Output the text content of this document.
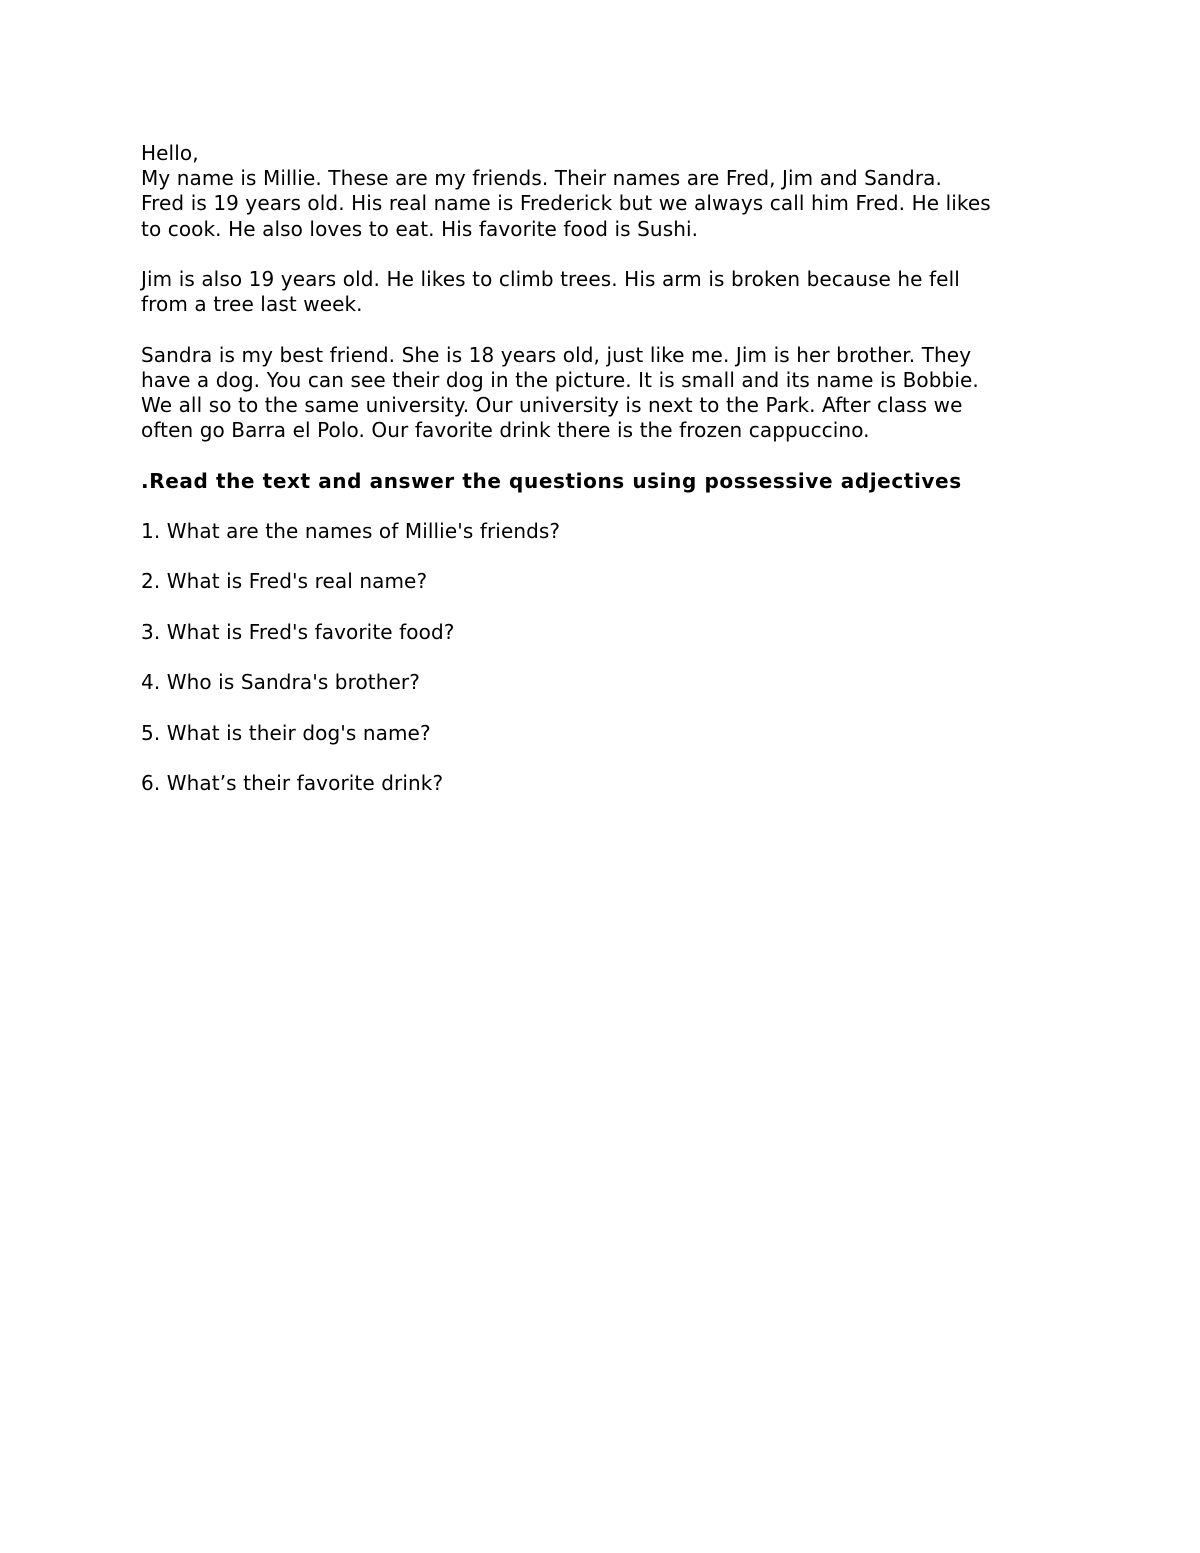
Hello,
My name is Millie. These are my friends. Their names are Fred, Jim and Sandra.
Fred is 19 years old. His real name is Frederick but we always call him Fred. He likes
to cook. He also loves to eat. His favorite food is Sushi.
Jim is also 19 years old. He likes to climb trees. His arm is broken because he fell
from a tree last week.
Sandra is my best friend. She is 18 years old, just like me. Jim is her brother. They
have a dog. You can see their dog in the picture. It is small and its name is Bobbie.
We all so to the same university. Our university is next to the Park. After class we
often go Barra el Polo. Our favorite drink there is the frozen cappuccino.
.Read the text and answer the questions using possessive adjectives
1. What are the names of Millie's friends?
2. What is Fred's real name?
3. What is Fred's favorite food?
4. Who is Sandra's brother?
5. What is their dog's name?
6. What’s their favorite drink?
